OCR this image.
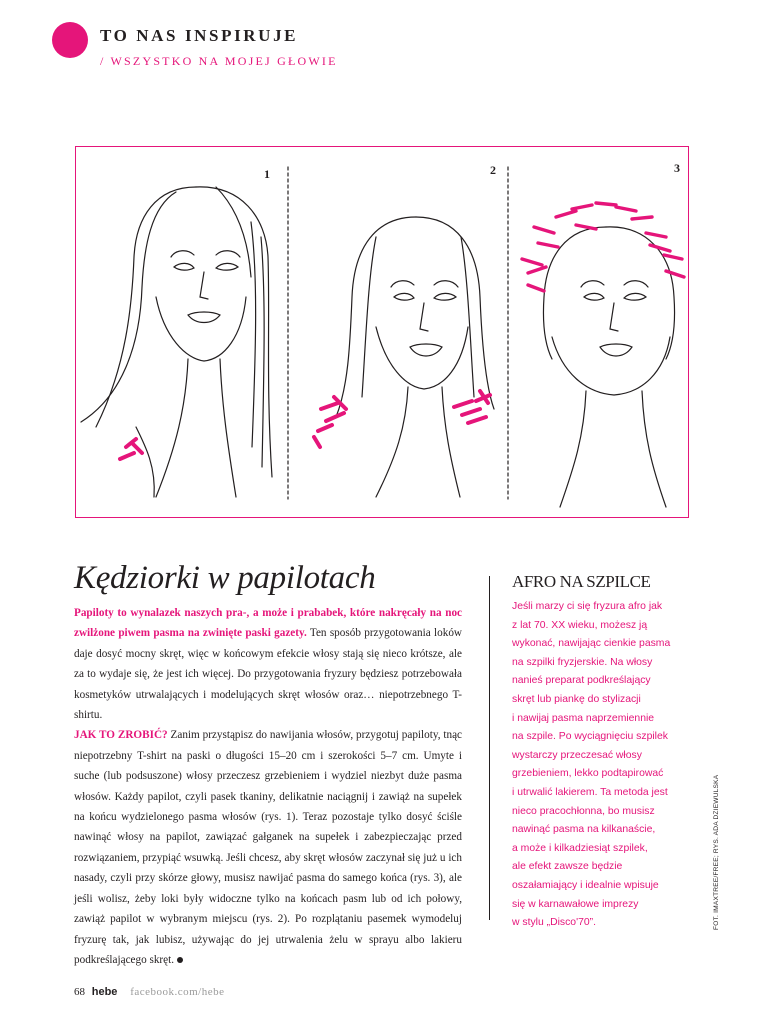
TO NAS INSPIRUJE
/ WSZYSTKO NA MOJEJ GŁOWIE
1	2	3
Kędziorki w papilotach

Papiloty to wynalazek naszych pra-, a może i prababek, które nakręcały na noc zwilżone piwem pasma na zwinięte paski gazety. Ten sposób przygotowania loków daje dosyć mocny skręt, więc w końcowym efekcie włosy stają się nieco krótsze, ale za to wydaje się, że jest ich więcej. Do przygotowania fryzury będziesz potrzebowała kosmetyków utrwalających i modelujących skręt włosów oraz… niepotrzebnego T-shirtu.

JAK TO ZROBIĆ? Zanim przystąpisz do nawijania włosów, przygotuj papiloty, tnąc niepotrzebny T-shirt na paski o długości 15–20 cm i szerokości 5–7 cm. Umyte i suche (lub podsuszone) włosy przeczesz grzebieniem i wydziel niezbyt duże pasma włosów. Każdy papilot, czyli pasek tkaniny, delikatnie naciągnij i zawiąż na supełek na końcu wydzielonego pasma włosów (rys. 1). Teraz pozostaje tylko dosyć ściśle nawinąć włosy na papilot, zawiązać gałganek na supełek i zabezpieczając przed rozwiązaniem, przypiąć wsuwką. Jeśli chcesz, aby skręt włosów zaczynał się już u ich nasady, czyli przy skórze głowy, musisz nawijać pasma do samego końca (rys. 3), ale jeśli wolisz, żeby loki były widoczne tylko na końcach pasm lub od ich połowy, zawiąż papilot w wybranym miejscu (rys. 2). Po rozplątaniu pasemek wymodeluj fryzurę tak, jak lubisz, używając do jej utrwalenia żelu w sprayu albo lakieru podkreślającego skręt.

AFRO NA SZPILCE
Jeśli marzy ci się fryzura afro jak
z lat 70. XX wieku, możesz ją
wykonać, nawijając cienkie pasma
na szpilki fryzjerskie. Na włosy
nanieś preparat podkreślający
skręt lub piankę do stylizacji
i nawijaj pasma naprzemiennie
na szpile. Po wyciągnięciu szpilek
wystarczy przeczesać włosy
grzebieniem, lekko podtapirować
i utrwalić lakierem. Ta metoda jest
nieco pracochłonna, bo musisz
nawinąć pasma na kilkanaście,
a może i kilkadziesiąt szpilek,
ale efekt zawsze będzie
oszałamiający i idealnie wpisuje
się w karnawałowe imprezy
w stylu „Disco'70”.	FOT. IMAXTREE/FREE; RYS. ADA DZIEWULSKA
68 hebe facebook.com/hebe
